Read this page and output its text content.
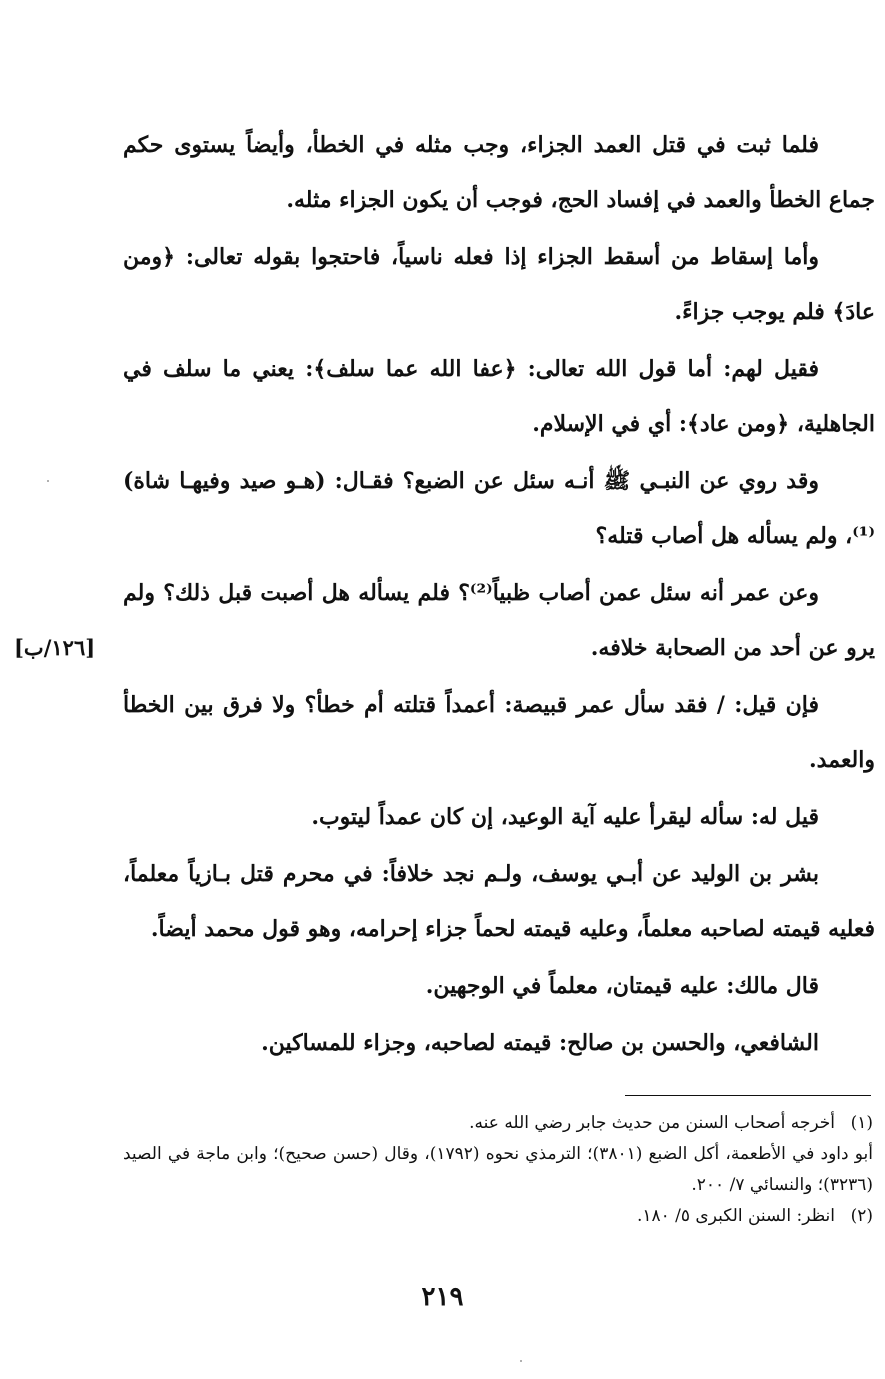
فلما ثبت في قتل العمد الجزاء، وجب مثله في الخطأ، وأيضاً يستوى حكم جماع الخطأ والعمد في إفساد الحج، فوجب أن يكون الجزاء مثله.

وأما إسقاط من أسقط الجزاء إذا فعله ناسياً، فاحتجوا بقوله تعالى: ﴿ومن عادَ﴾ فلم يوجب جزاءً.

فقيل لهم: أما قول الله تعالى: ﴿عفا الله عما سلف﴾: يعني ما سلف في الجاهلية، ﴿ومن عاد﴾: أي في الإسلام.

وقد روي عن النبـي ﷺ أنـه سئل عن الضبع؟ فقـال: (هـو صيد وفيهـا شاة)⁽¹⁾، ولم يسأله هل أصاب قتله؟

وعن عمر أنه سئل عمن أصاب ظبياً⁽²⁾؟ فلم يسأله هل أصبت قبل ذلك؟ ولم يرو عن أحد من الصحابة خلافه.

فإن قيل: / فقد سأل عمر قبيصة: أعمداً قتلته أم خطأ؟ ولا فرق بين الخطأ والعمد.

قيل له: سأله ليقرأ عليه آية الوعيد، إن كان عمداً ليتوب.

بشر بن الوليد عن أبـي يوسف، ولـم نجد خلافاً: في محرم قتل بـازياً معلماً، فعليه قيمته لصاحبه معلماً، وعليه قيمته لحماً جزاء إحرامه، وهو قول محمد أيضاً.

قال مالك: عليه قيمتان، معلماً في الوجهين.

الشافعي، والحسن بن صالح: قيمته لصاحبه، وجزاء للمساكين.

[١٢٦/ب]

(١)أخرجه أصحاب السنن من حديث جابر رضي الله عنه.

أبو داود في الأطعمة، أكل الضبع (٣٨٠١)؛ الترمذي نحوه (١٧٩٢)، وقال (حسن صحيح)؛ وابن ماجة في الصيد (٣٢٣٦)؛ والنسائي ٧/ ٢٠٠.

(٢)انظر: السنن الكبرى ٥/ ١٨٠.

٢١٩
